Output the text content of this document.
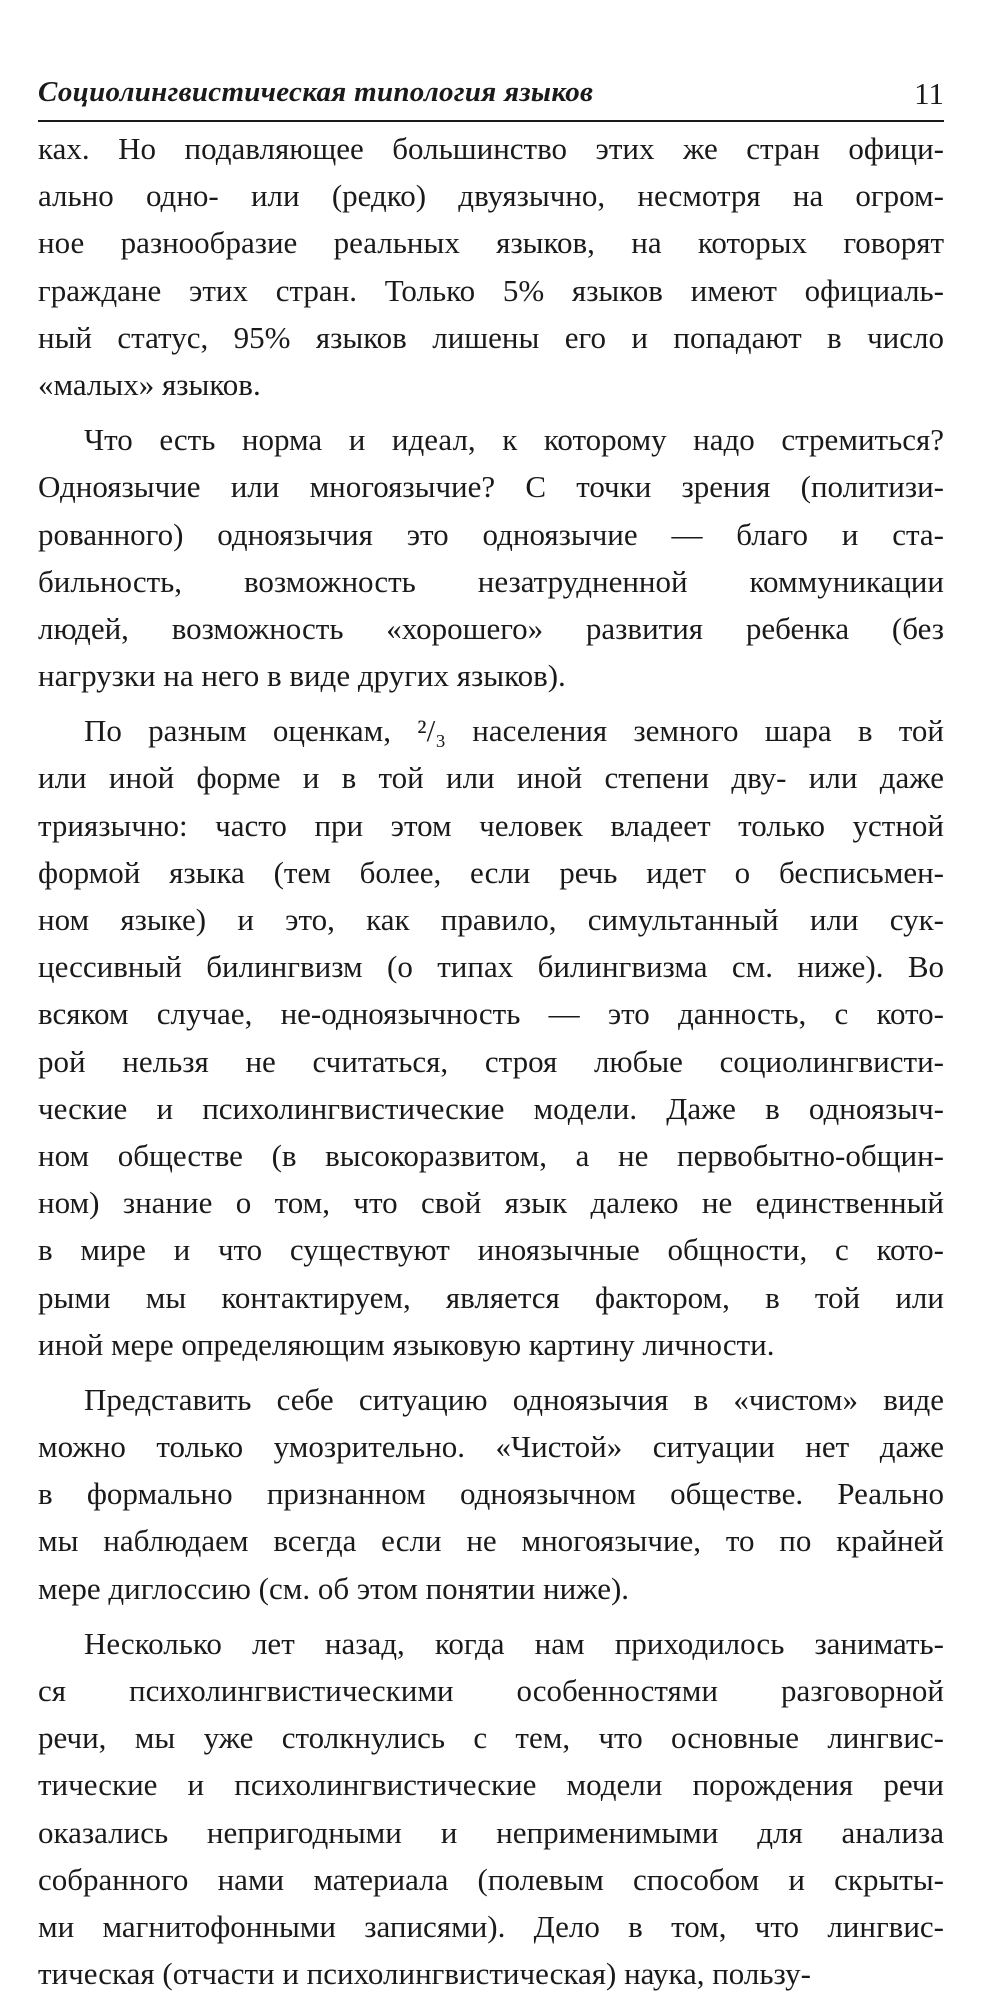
Социолингвистическая типология языков	11
ках. Но подавляющее большинство этих же стран офици-
ально одно- или (редко) двуязычно, несмотря на огром-
ное разнообразие реальных языков, на которых говорят
граждане этих стран. Только 5% языков имеют официаль-
ный статус, 95% языков лишены его и попадают в число
«малых» языков.
Что есть норма и идеал, к которому надо стремиться?
Одноязычие или многоязычие? С точки зрения (политизи-
рованного) одноязычия это одноязычие — благо и ста-
бильность, возможность незатрудненной коммуникации
людей, возможность «хорошего» развития ребенка (без
нагрузки на него в виде других языков).
По разным оценкам, ²/₃ населения земного шара в той
или иной форме и в той или иной степени дву- или даже
триязычно: часто при этом человек владеет только устной
формой языка (тем более, если речь идет о бесписьмен-
ном языке) и это, как правило, симультанный или сук-
цессивный билингвизм (о типах билингвизма см. ниже). Во
всяком случае, не-одноязычность — это данность, с кото-
рой нельзя не считаться, строя любые социолингвисти-
ческие и психолингвистические модели. Даже в одноязыч-
ном обществе (в высокоразвитом, а не первобытно-общин-
ном) знание о том, что свой язык далеко не единственный
в мире и что существуют иноязычные общности, с кото-
рыми мы контактируем, является фактором, в той или
иной мере определяющим языковую картину личности.
Представить себе ситуацию одноязычия в «чистом» виде
можно только умозрительно. «Чистой» ситуации нет даже
в формально признанном одноязычном обществе. Реально
мы наблюдаем всегда если не многоязычие, то по крайней
мере диглоссию (см. об этом понятии ниже).
Несколько лет назад, когда нам приходилось занимать-
ся психолингвистическими особенностями разговорной
речи, мы уже столкнулись с тем, что основные лингвис-
тические и психолингвистические модели порождения речи
оказались непригодными и неприменимыми для анализа
собранного нами материала (полевым способом и скрыты-
ми магнитофонными записями). Дело в том, что лингвис-
тическая (отчасти и психолингвистическая) наука, пользу-
